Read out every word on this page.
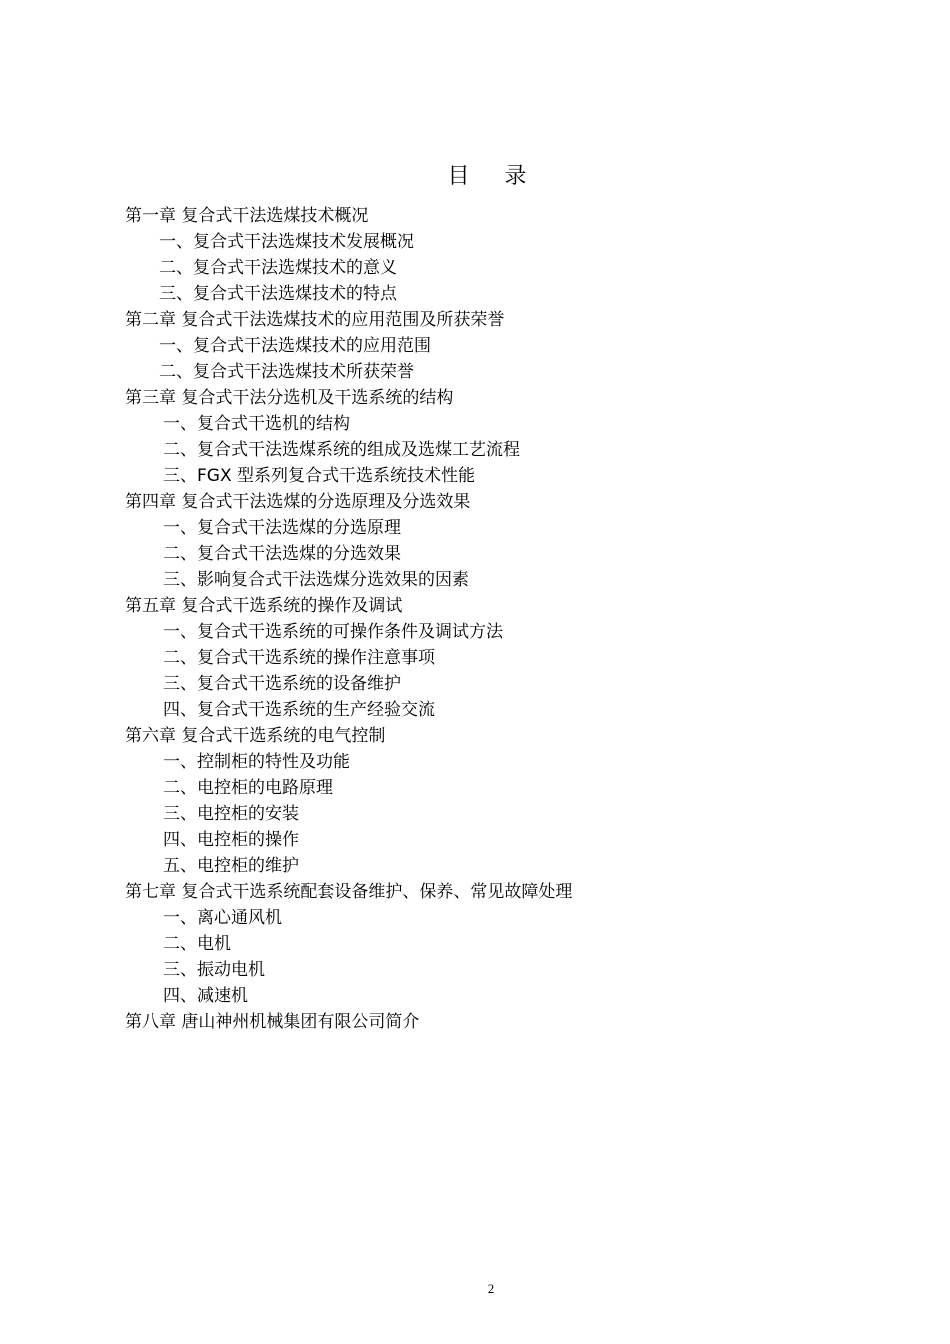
目 录
第一章 复合式干法选煤技术概况
一、复合式干法选煤技术发展概况
二、复合式干法选煤技术的意义
三、复合式干法选煤技术的特点
第二章 复合式干法选煤技术的应用范围及所获荣誉
一、复合式干法选煤技术的应用范围
二、复合式干法选煤技术所获荣誉
第三章 复合式干法分选机及干选系统的结构
一、复合式干选机的结构
二、复合式干法选煤系统的组成及选煤工艺流程
三、FGX 型系列复合式干选系统技术性能
第四章 复合式干法选煤的分选原理及分选效果
一、复合式干法选煤的分选原理
二、复合式干法选煤的分选效果
三、影响复合式干法选煤分选效果的因素
第五章 复合式干选系统的操作及调试
一、复合式干选系统的可操作条件及调试方法
二、复合式干选系统的操作注意事项
三、复合式干选系统的设备维护
四、复合式干选系统的生产经验交流
第六章 复合式干选系统的电气控制
一、控制柜的特性及功能
二、电控柜的电路原理
三、电控柜的安装
四、电控柜的操作
五、电控柜的维护
第七章 复合式干选系统配套设备维护、保养、常见故障处理
一、离心通风机
二、电机
三、振动电机
四、减速机
第八章 唐山神州机械集团有限公司简介
2
